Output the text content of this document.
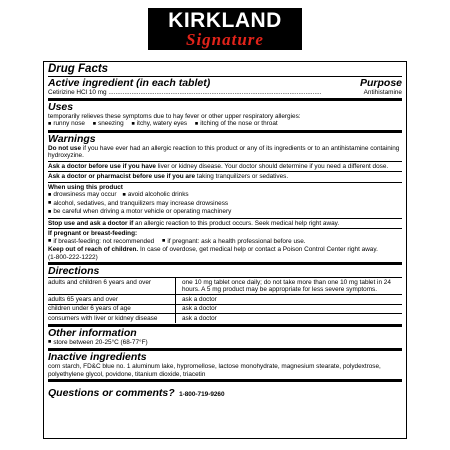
KIRKLAND
Signature
Drug Facts
Active ingredient (in each tablet)	Purpose
Cetirizine HCl 10 mg ........................................................................................................................	Antihistamine
Uses
temporarily relieves these symptoms due to hay fever or other upper respiratory allergies:
■ runny nose ■ sneezing ■ itchy, watery eyes ■ itching of the nose or throat
Warnings
Do not use if you have ever had an allergic reaction to this product or any of its ingredients or to an antihistamine containing hydroxyzine.
Ask a doctor before use if you have liver or kidney disease. Your doctor should determine if you need a different dose.
Ask a doctor or pharmacist before use if you are taking tranquilizers or sedatives.
When using this product
■ drowsiness may occur ■ avoid alcoholic drinks
■ alcohol, sedatives, and tranquilizers may increase drowsiness
■ be careful when driving a motor vehicle or operating machinery
Stop use and ask a doctor if an allergic reaction to this product occurs. Seek medical help right away.
If pregnant or breast-feeding:
■ if breast-feeding: not recommended ■ if pregnant: ask a health professional before use.
Keep out of reach of children. In case of overdose, get medical help or contact a Poison Control Center right away.
(1-800-222-1222)
Directions
adults and children 6 years and over	one 10 mg tablet once daily; do not take more than one 10 mg tablet in 24 hours. A 5 mg product may be appropriate for less severe symptoms.
adults 65 years and over	ask a doctor
children under 6 years of age	ask a doctor
consumers with liver or kidney disease	ask a doctor
Other information
■ store between 20-25°C (68-77°F)
Inactive ingredients
corn starch, FD&C blue no. 1 aluminum lake, hypromellose, lactose monohydrate, magnesium stearate, polydextrose, polyethylene glycol, povidone, titanium dioxide, triacetin
Questions or comments? 1-800-719-9260
